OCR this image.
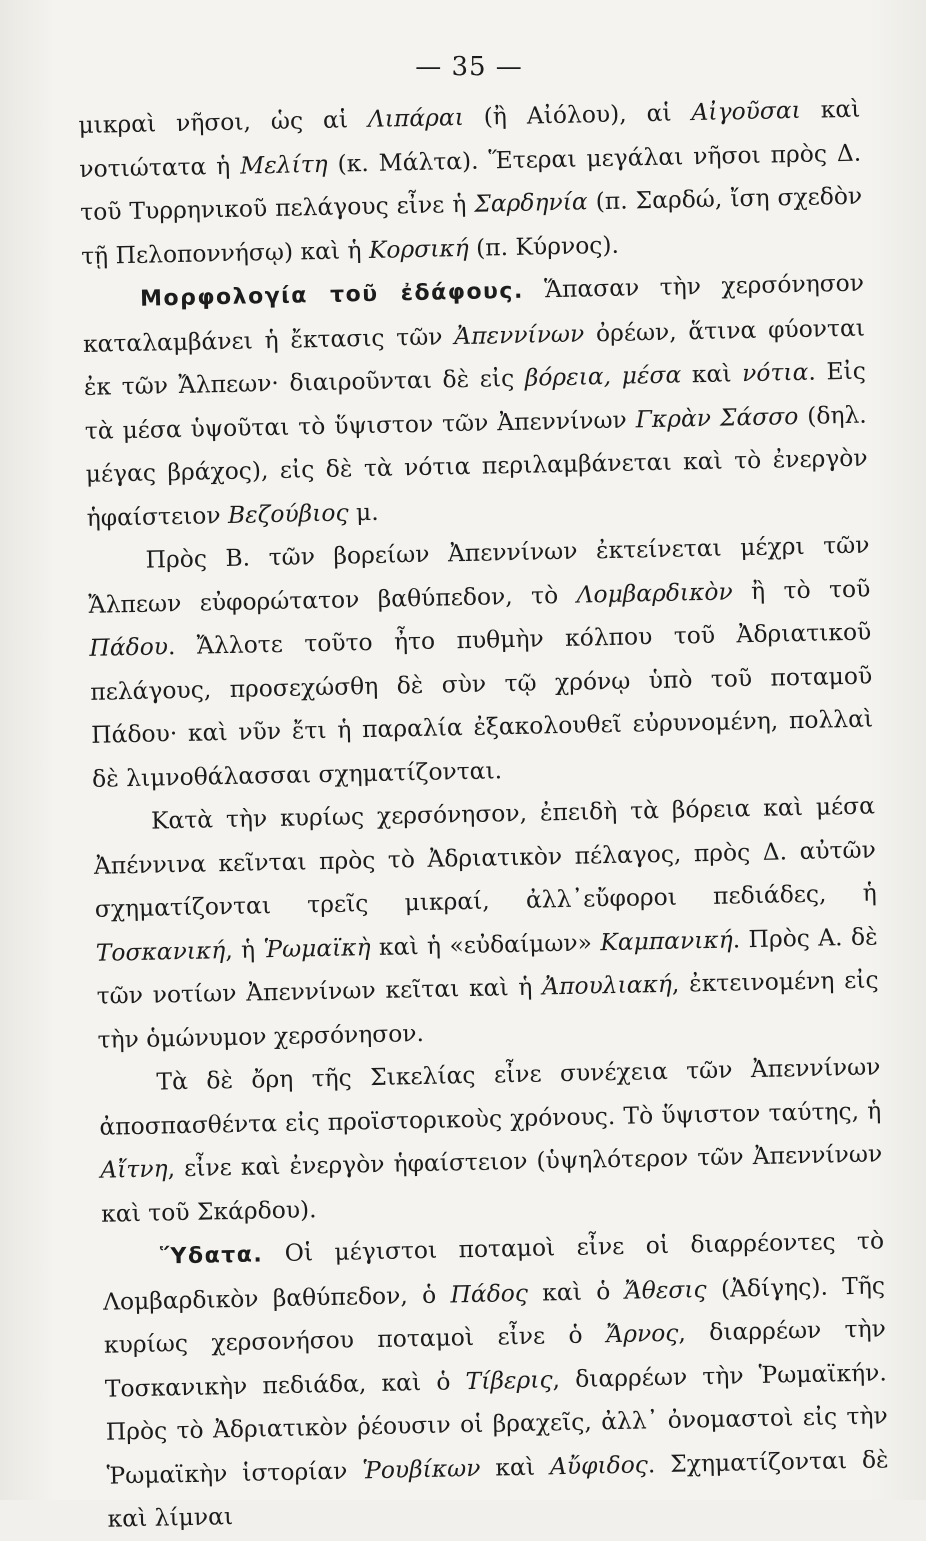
— 35 —

μικραὶ νῆσοι, ὡς αἱ Λιπάραι (ἢ Αἰόλου), αἱ Αἰγοῦσαι καὶ νοτιώτατα ἡ Μελίτη (κ. Μάλτα). Ἕτεραι μεγάλαι νῆσοι πρὸς Δ. τοῦ Τυρρηνικοῦ πελάγους εἶνε ἡ Σαρδηνία (π. Σαρδώ, ἴση σχεδὸν τῇ Πελοποννήσῳ) καὶ ἡ Κορσική (π. Κύρνος).

Μορφολογία τοῦ ἐδάφους. Ἅπασαν τὴν χερσόνησον καταλαμβάνει ἡ ἔκτασις τῶν Ἀπεννίνων ὀρέων, ἅτινα φύονται ἐκ τῶν Ἄλπεων· διαιροῦνται δὲ εἰς βόρεια, μέσα καὶ νότια. Εἰς τὰ μέσα ὑψοῦται τὸ ὕψιστον τῶν Ἀπεννίνων Γκρὰν Σάσσο (δηλ. μέγας βράχος), εἰς δὲ τὰ νότια περιλαμβάνεται καὶ τὸ ἐνεργὸν ἡφαίστειον Βεζούβιος μ.

Πρὸς Β. τῶν βορείων Ἀπεννίνων ἐκτείνεται μέχρι τῶν Ἄλπεων εὐφορώτατον βαθύπεδον, τὸ Λομβαρδικὸν ἢ τὸ τοῦ Πάδου. Ἄλλοτε τοῦτο ἦτο πυθμὴν κόλπου τοῦ Ἀδριατικοῦ πελάγους, προσεχώσθη δὲ σὺν τῷ χρόνῳ ὑπὸ τοῦ ποταμοῦ Πάδου· καὶ νῦν ἔτι ἡ παραλία ἐξακολουθεῖ εὐρυνομένη, πολλαὶ δὲ λιμνοθάλασσαι σχηματίζονται.

Κατὰ τὴν κυρίως χερσόνησον, ἐπειδὴ τὰ βόρεια καὶ μέσα Ἀπέννινα κεῖνται πρὸς τὸ Ἀδριατικὸν πέλαγος, πρὸς Δ. αὐτῶν σχηματίζονται τρεῖς μικραί, ἀλλ᾽εὔφοροι πεδιάδες, ἡ Τοσκανική, ἡ Ῥωμαϊκὴ καὶ ἡ «εὐδαίμων» Καμπανική. Πρὸς Α. δὲ τῶν νοτίων Ἀπεννίνων κεῖται καὶ ἡ Ἀπουλιακή, ἐκτεινομένη εἰς τὴν ὁμώνυμον χερσόνησον.

Τὰ δὲ ὄρη τῆς Σικελίας εἶνε συνέχεια τῶν Ἀπεννίνων ἀποσπασθέντα εἰς προϊστορικοὺς χρόνους. Τὸ ὕψιστον ταύτης, ἡ Αἴτνη, εἶνε καὶ ἐνεργὸν ἡφαίστειον (ὑψηλότερον τῶν Ἀπεννίνων καὶ τοῦ Σκάρδου).

Ὕδατα. Οἱ μέγιστοι ποταμοὶ εἶνε οἱ διαρρέοντες τὸ Λομβαρδικὸν βαθύπεδον, ὁ Πάδος καὶ ὁ Ἄθεσις (Ἀδίγης). Τῆς κυρίως χερσονήσου ποταμοὶ εἶνε ὁ Ἄρνος, διαρρέων τὴν Τοσκανικὴν πεδιάδα, καὶ ὁ Τίβερις, διαρρέων τὴν Ῥωμαϊκήν. Πρὸς τὸ Ἀδριατικὸν ῥέουσιν οἱ βραχεῖς, ἀλλ᾽ ὀνομαστοὶ εἰς τὴν Ῥωμαϊκὴν ἱστορίαν Ῥουβίκων καὶ Αὔφιδος. Σχηματίζονται δὲ καὶ λίμναι
